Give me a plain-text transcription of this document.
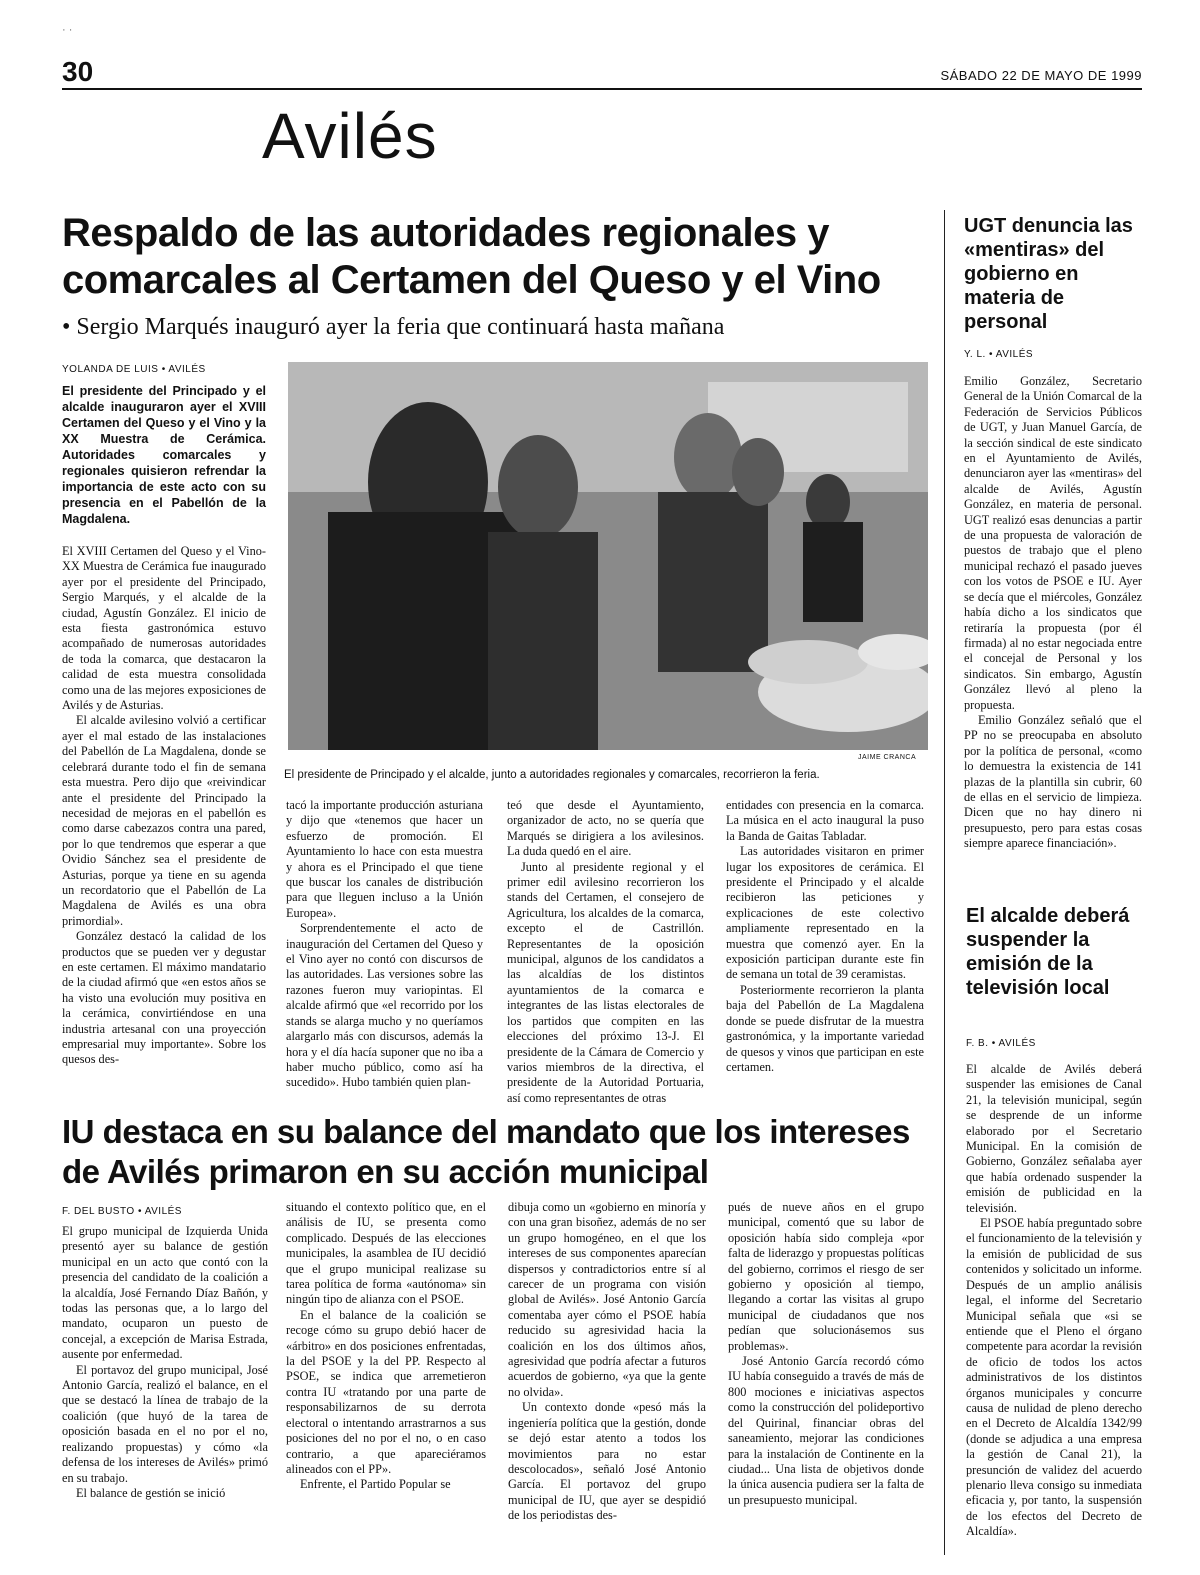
· ·
30	SÁBADO 22 DE MAYO DE 1999
Avilés
Respaldo de las autoridades regionales y comarcales al Certamen del Queso y el Vino
• Sergio Marqués inauguró ayer la feria que continuará hasta mañana
YOLANDA DE LUIS • AVILÉS
El presidente del Principado y el alcalde inauguraron ayer el XVIII Certamen del Queso y el Vino y la XX Muestra de Cerámica. Autoridades comarcales y regionales quisieron refrendar la importancia de este acto con su presencia en el Pabellón de la Magdalena.

El XVIII Certamen del Queso y el Vino-XX Muestra de Cerámica fue inaugurado ayer por el presidente del Principado, Sergio Marqués, y el alcalde de la ciudad, Agustín González. El inicio de esta fiesta gastronómica estuvo acompañado de numerosas autoridades de toda la comarca, que destacaron la calidad de esta muestra consolidada como una de las mejores exposiciones de Avilés y de Asturias.

El alcalde avilesino volvió a certificar ayer el mal estado de las instalaciones del Pabellón de La Magdalena, donde se celebrará durante todo el fin de semana esta muestra. Pero dijo que «reivindicar ante el presidente del Principado la necesidad de mejoras en el pabellón es como darse cabezazos contra una pared, por lo que tendremos que esperar a que Ovidio Sánchez sea el presidente de Asturias, porque ya tiene en su agenda un recordatorio que el Pabellón de La Magdalena de Avilés es una obra primordial».

González destacó la calidad de los productos que se pueden ver y degustar en este certamen. El máximo mandatario de la ciudad afirmó que «en estos años se ha visto una evolución muy positiva en la cerámica, convirtiéndose en una industria artesanal con una proyección empresarial muy importante». Sobre los quesos des-

JAIME CRANCA
El presidente de Principado y el alcalde, junto a autoridades regionales y comarcales, recorrieron la feria.

tacó la importante producción asturiana y dijo que «tenemos que hacer un esfuerzo de promoción. El Ayuntamiento lo hace con esta muestra y ahora es el Principado el que tiene que buscar los canales de distribución para que lleguen incluso a la Unión Europea».

Sorprendentemente el acto de inauguración del Certamen del Queso y el Vino ayer no contó con discursos de las autoridades. Las versiones sobre las razones fueron muy variopintas. El alcalde afirmó que «el recorrido por los stands se alarga mucho y no queríamos alargarlo más con discursos, además la hora y el día hacía suponer que no iba a haber mucho público, como así ha sucedido». Hubo también quien plan-

teó que desde el Ayuntamiento, organizador de acto, no se quería que Marqués se dirigiera a los avilesinos. La duda quedó en el aire.

Junto al presidente regional y el primer edil avilesino recorrieron los stands del Certamen, el consejero de Agricultura, los alcaldes de la comarca, excepto el de Castrillón. Representantes de la oposición municipal, algunos de los candidatos a las alcaldías de los distintos ayuntamientos de la comarca e integrantes de las listas electorales de los partidos que compiten en las elecciones del próximo 13-J. El presidente de la Cámara de Comercio y varios miembros de la directiva, el presidente de la Autoridad Portuaria, así como representantes de otras

entidades con presencia en la comarca. La música en el acto inaugural la puso la Banda de Gaitas Tabladar.

Las autoridades visitaron en primer lugar los expositores de cerámica. El presidente el Principado y el alcalde recibieron las peticiones y explicaciones de este colectivo ampliamente representado en la muestra que comenzó ayer. En la exposición participan durante este fin de semana un total de 39 ceramistas.

Posteriormente recorrieron la planta baja del Pabellón de La Magdalena donde se puede disfrutar de la muestra gastronómica, y la importante variedad de quesos y vinos que participan en este certamen.

UGT denuncia las «mentiras» del gobierno en materia de personal
Y. L. • AVILÉS

Emilio González, Secretario General de la Unión Comarcal de la Federación de Servicios Públicos de UGT, y Juan Manuel García, de la sección sindical de este sindicato en el Ayuntamiento de Avilés, denunciaron ayer las «mentiras» del alcalde de Avilés, Agustín González, en materia de personal. UGT realizó esas denuncias a partir de una propuesta de valoración de puestos de trabajo que el pleno municipal rechazó el pasado jueves con los votos de PSOE e IU. Ayer se decía que el miércoles, González había dicho a los sindicatos que retiraría la propuesta (por él firmada) al no estar negociada entre el concejal de Personal y los sindicatos. Sin embargo, Agustín González llevó al pleno la propuesta.

Emilio González señaló que el PP no se preocupaba en absoluto por la política de personal, «como lo demuestra la existencia de 141 plazas de la plantilla sin cubrir, 60 de ellas en el servicio de limpieza. Dicen que no hay dinero ni presupuesto, pero para estas cosas siempre aparece financiación».

El alcalde deberá suspender la emisión de la televisión local
F. B. • AVILÉS

El alcalde de Avilés deberá suspender las emisiones de Canal 21, la televisión municipal, según se desprende de un informe elaborado por el Secretario Municipal. En la comisión de Gobierno, González señalaba ayer que había ordenado suspender la emisión de publicidad en la televisión.

El PSOE había preguntado sobre el funcionamiento de la televisión y la emisión de publicidad de sus contenidos y solicitado un informe. Después de un amplio análisis legal, el informe del Secretario Municipal señala que «si se entiende que el Pleno el órgano competente para acordar la revisión de oficio de todos los actos administrativos de los distintos órganos municipales y concurre causa de nulidad de pleno derecho en el Decreto de Alcaldía 1342/99 (donde se adjudica a una empresa la gestión de Canal 21), la presunción de validez del acuerdo plenario lleva consigo su inmediata eficacia y, por tanto, la suspensión de los efectos del Decreto de Alcaldía».

IU destaca en su balance del mandato que los intereses de Avilés primaron en su acción municipal
F. DEL BUSTO • AVILÉS

El grupo municipal de Izquierda Unida presentó ayer su balance de gestión municipal en un acto que contó con la presencia del candidato de la coalición a la alcaldía, José Fernando Díaz Bañón, y todas las personas que, a lo largo del mandato, ocuparon un puesto de concejal, a excepción de Marisa Estrada, ausente por enfermedad.

El portavoz del grupo municipal, José Antonio García, realizó el balance, en el que se destacó la línea de trabajo de la coalición (que huyó de la tarea de oposición basada en el no por el no, realizando propuestas) y cómo «la defensa de los intereses de Avilés» primó en su trabajo.

El balance de gestión se inició

situando el contexto político que, en el análisis de IU, se presenta como complicado. Después de las elecciones municipales, la asamblea de IU decidió que el grupo municipal realizase su tarea política de forma «autónoma» sin ningún tipo de alianza con el PSOE.

En el balance de la coalición se recoge cómo su grupo debió hacer de «árbitro» en dos posiciones enfrentadas, la del PSOE y la del PP. Respecto al PSOE, se indica que arremetieron contra IU «tratando por una parte de responsabilizarnos de su derrota electoral o intentando arrastrarnos a sus posiciones del no por el no, o en caso contrario, a que apareciéramos alineados con el PP».

Enfrente, el Partido Popular se

dibuja como un «gobierno en minoría y con una gran bisoñez, además de no ser un grupo homogéneo, en el que los intereses de sus componentes aparecían dispersos y contradictorios entre sí al carecer de un programa con visión global de Avilés». José Antonio García comentaba ayer cómo el PSOE había reducido su agresividad hacia la coalición en los dos últimos años, agresividad que podría afectar a futuros acuerdos de gobierno, «ya que la gente no olvida».

Un contexto donde «pesó más la ingeniería política que la gestión, donde se dejó estar atento a todos los movimientos para no estar descolocados», señaló José Antonio García. El portavoz del grupo municipal de IU, que ayer se despidió de los periodistas des-

pués de nueve años en el grupo municipal, comentó que su labor de oposición había sido compleja «por falta de liderazgo y propuestas políticas del gobierno, corrimos el riesgo de ser gobierno y oposición al tiempo, llegando a cortar las visitas al grupo municipal de ciudadanos que nos pedían que solucionásemos sus problemas».

José Antonio García recordó cómo IU había conseguido a través de más de 800 mociones e iniciativas aspectos como la construcción del polideportivo del Quirinal, financiar obras del saneamiento, mejorar las condiciones para la instalación de Continente en la ciudad... Una lista de objetivos donde la única ausencia pudiera ser la falta de un presupuesto municipal.
